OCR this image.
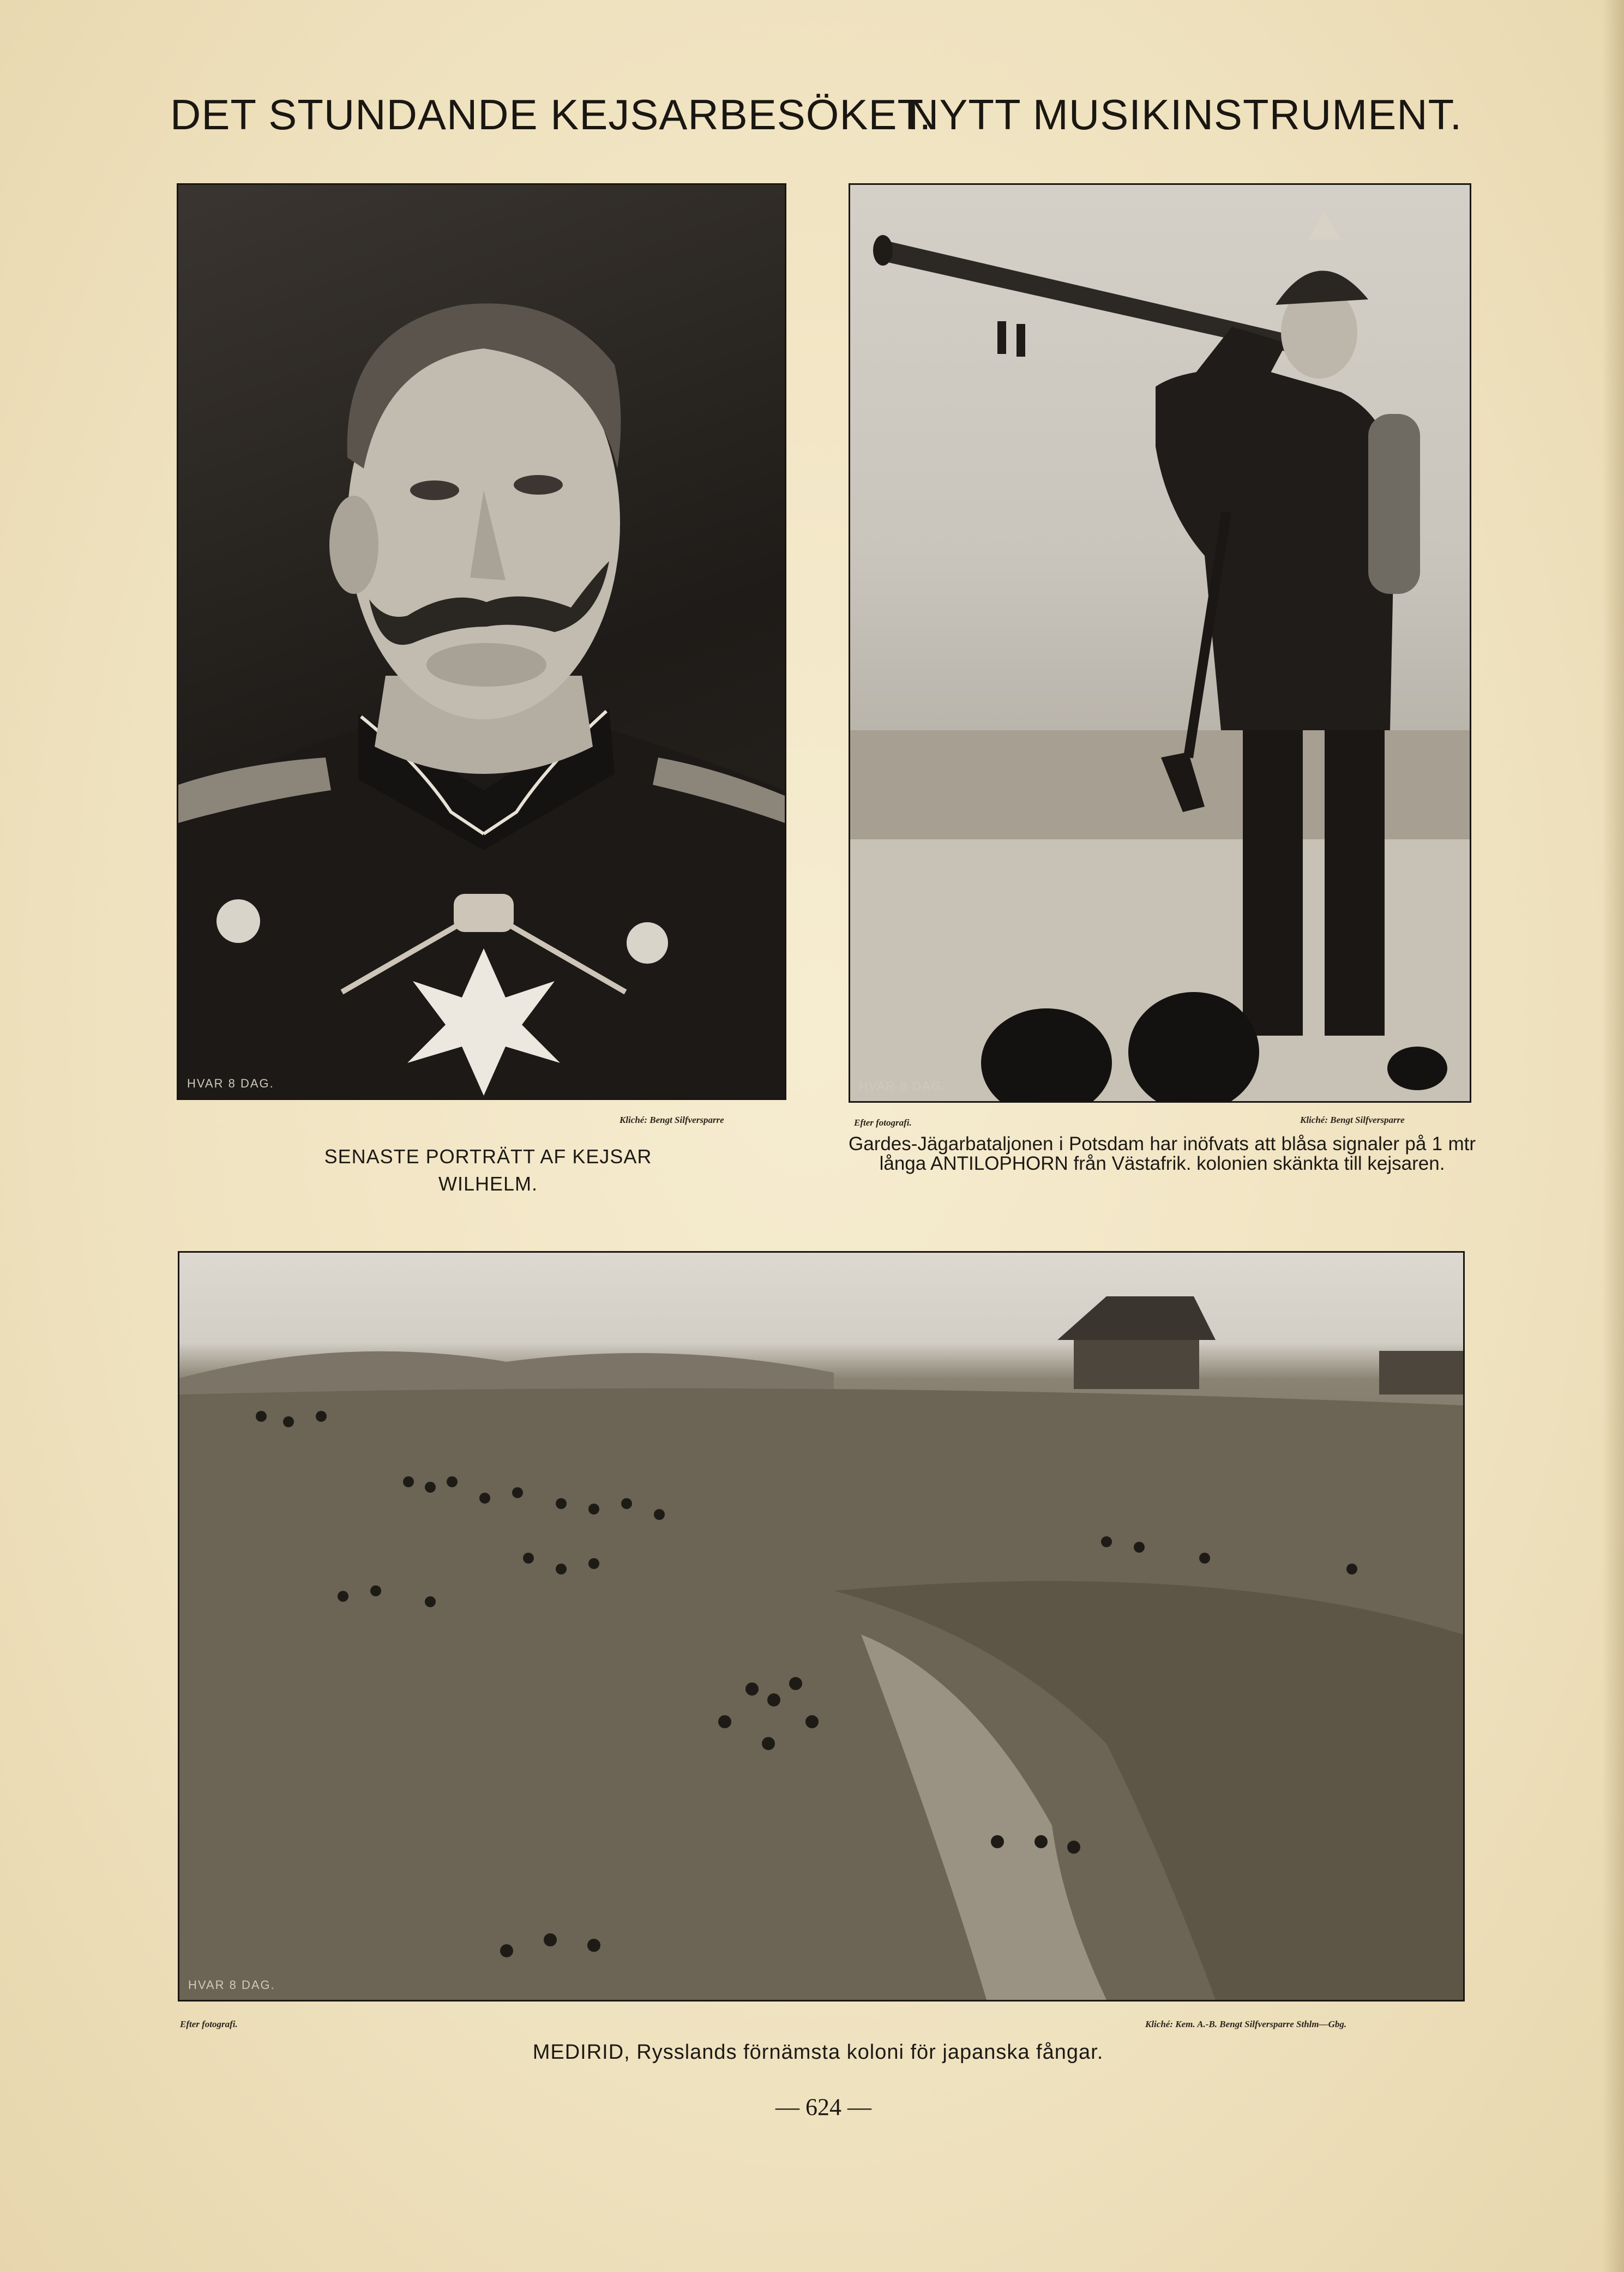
DET STUNDANDE KEJSARBESÖKET.
NYTT MUSIKINSTRUMENT.
HVAR 8 DAG.
Kliché: Bengt Silfversparre
SENASTE PORTRÄTT AF KEJSAR WILHELM.
HVAR 8 DAG.
Efter fotografi.	Kliché: Bengt Silfversparre
Gardes-Jägarbataljonen i Potsdam har inöfvats att blåsa signaler på 1 mtr långa ANTILOPHORN från Västafrik. kolonien skänkta till kejsaren.
HVAR 8 DAG.
Efter fotografi.	Kliché: Kem. A.-B. Bengt Silfversparre Sthlm—Gbg.
MEDIRID, Rysslands förnämsta koloni för japanska fångar.
— 624 —
